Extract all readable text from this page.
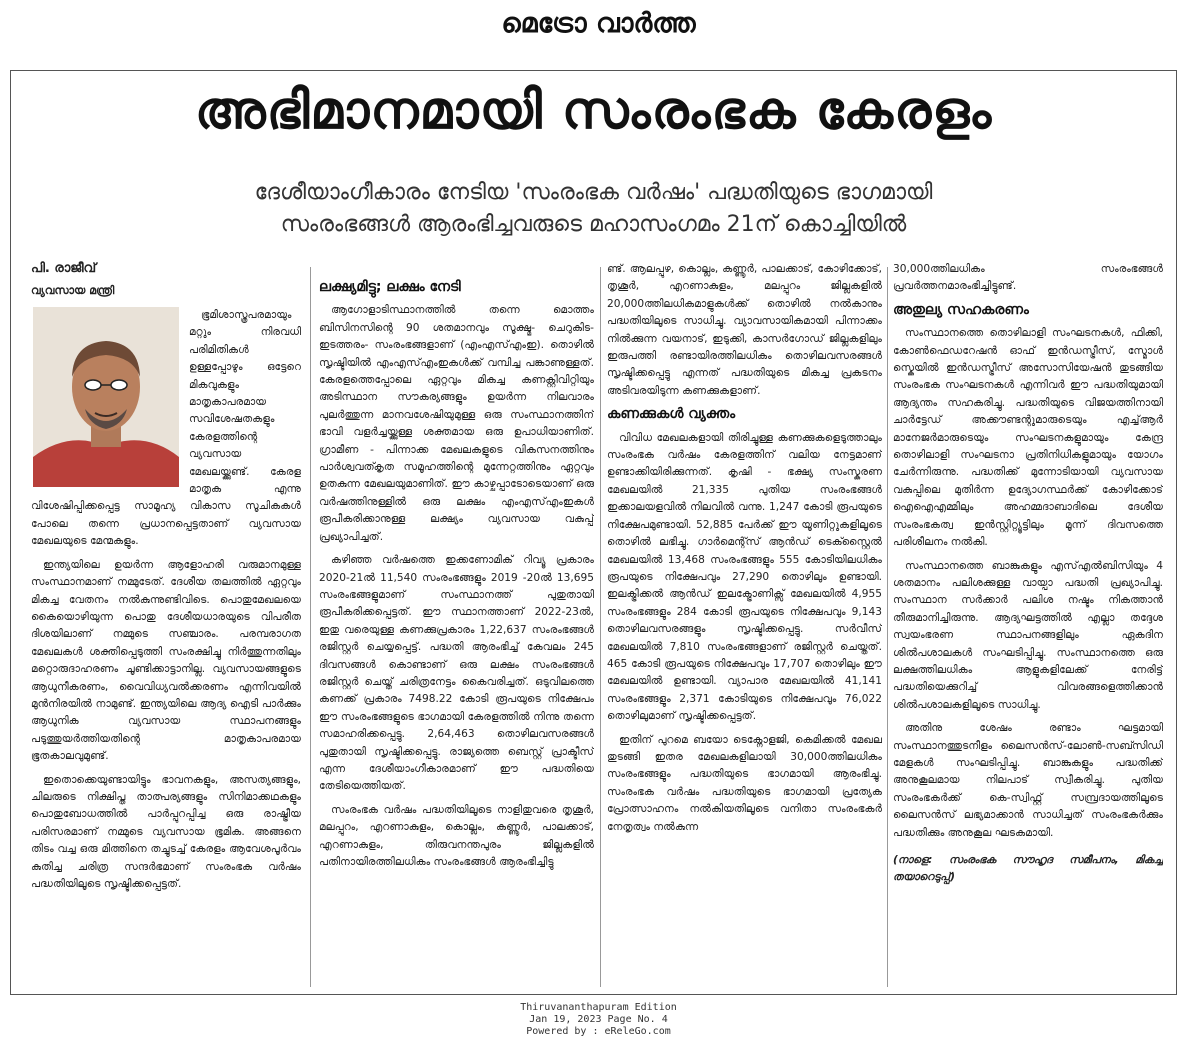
മെട്രോ വാർത്ത
അഭിമാനമായി സംരംഭക കേരളം
ദേശീയാംഗീകാരം നേടിയ 'സംരംഭക വർഷം' പദ്ധതിയുടെ ഭാഗമായി
സംരംഭങ്ങൾ ആരംഭിച്ചവരുടെ മഹാസംഗമം 21ന് കൊച്ചിയിൽ
പി. രാജീവ്
വ്യവസായ മന്ത്രി

ഭൂമിശാസ്ത്രപരമായും മറ്റും നിരവധി പരിമിതികൾ ഉള്ളപ്പോഴും ഒട്ടേറെ മികവുകളും മാതൃകാപരമായ സവിശേഷതകളും കേരളത്തിന്റെ വ്യവസായ മേഖലയ്ക്കുണ്ട്. കേരള മാതൃക എന്നു വിശേഷിപ്പിക്കപ്പെട്ട സാമൂഹ്യ വികാസ സൂചികകൾ പോലെ തന്നെ പ്രധാനപ്പെട്ടതാണ് വ്യവസായ മേഖലയുടെ മേന്മകളും.

ഇന്ത്യയിലെ ഉയർന്ന ആളോഹരി വരുമാനമുള്ള സംസ്ഥാനമാണ് നമ്മുടേത്. ദേശീയ തലത്തിൽ ഏറ്റവും മികച്ച വേതനം നൽകുന്നുണ്ടിവിടെ. പൊതുമേഖലയെ കൈയൊഴിയുന്ന പൊതു ദേശീയധാരയുടെ വിപരീത ദിശയിലാണ് നമ്മുടെ സഞ്ചാരം. പരമ്പരാഗത മേഖലകൾ ശക്തിപ്പെടുത്തി സംരക്ഷിച്ചു നിർത്തുന്നതിലും മറ്റൊരുദാഹരണം ചൂണ്ടിക്കാട്ടാനില്ല. വ്യവസായങ്ങളുടെ ആധുനീകരണം, വൈവിധ്യവൽക്കരണം എന്നിവയിൽ മുൻനിരയിൽ നാമുണ്ട്. ഇന്ത്യയിലെ ആദ്യ ഐടി പാർക്കും ആധുനിക വ്യവസായ സ്ഥാപനങ്ങളും പടുത്തുയർത്തിയതിന്റെ മാതൃകാപരമായ ഭൂതകാലവുമുണ്ട്.

ഇതൊക്കെയുണ്ടായിട്ടും ഭാവനകളും, അസത്യങ്ങളും, ചിലരുടെ നിക്ഷിപ്ത താത്പര്യങ്ങളും സിനിമാക്കഥകളും പൊതുബോധത്തിൽ പാർപ്പുറപ്പിച്ച ഒരു രാഷ്ട്രീയ പരിസരമാണ് നമ്മുടെ വ്യവസായ ഭൂമിക. അങ്ങനെ തിടം വച്ച ഒരു മിത്തിനെ തച്ചുടച്ച് കേരളം ആവേശപൂർവം കുതിച്ച ചരിത്ര സന്ദർഭമാണ് സംരംഭക വർഷം പദ്ധതിയിലൂടെ സൃഷ്ടിക്കപ്പെട്ടത്.

ലക്ഷ്യമിട്ടു; ലക്ഷം നേടി

ആഗോളാടിസ്ഥാനത്തിൽ തന്നെ മൊത്തം ബിസിനസിന്റെ 90 ശതമാനവും സൂക്ഷ്മ- ചെറുകിട- ഇടത്തരം- സംരംഭങ്ങളാണ് (എംഎസ്എംഇ). തൊഴിൽ സൃഷ്ടിയിൽ എംഎസ്എംഇകൾക്ക് വമ്പിച്ച പങ്കാണുള്ളത്. കേരളത്തെപ്പോലെ ഏറ്റവും മികച്ച കണക്റ്റിവിറ്റിയും അടിസ്ഥാന സൗകര്യങ്ങളും ഉയർന്ന നിലവാരം പുലർത്തുന്ന മാനവശേഷിയുമുള്ള ഒരു സംസ്ഥാനത്തിന് ഭാവി വളർച്ചയ്ക്കുള്ള ശക്തമായ ഒരു ഉപാധിയാണിത്. ഗ്രാമീണ - പിന്നാക്ക മേഖലകളുടെ വികസനത്തിനും പാർശ്വവത്കൃത സമൂഹത്തിന്റെ മുന്നേറ്റത്തിനും ഏറ്റവും ഉതകുന്ന മേഖലയുമാണിത്. ഈ കാഴ്ചപ്പാടോടെയാണ് ഒരു വർഷത്തിനുള്ളിൽ ഒരു ലക്ഷം എംഎസ്എംഇകൾ രൂപീകരിക്കാനുള്ള ലക്ഷ്യം വ്യവസായ വകുപ്പ് പ്രഖ്യാപിച്ചത്.

കഴിഞ്ഞ വർഷത്തെ ഇക്കണോമിക് റിവ്യൂ പ്രകാരം 2020-21ൽ 11,540 സംരംഭങ്ങളും 2019 -20ൽ 13,695 സംരംഭങ്ങളുമാണ് സംസ്ഥാനത്ത് പുതുതായി രൂപീകരിക്കപ്പെട്ടത്. ഈ സ്ഥാനത്താണ് 2022-23ൽ, ഇതു വരെയുള്ള കണക്കുപ്രകാരം 1,22,637 സംരംഭങ്ങൾ രജിസ്റ്റർ ചെയ്യപ്പെട്ട്. പദ്ധതി ആരംഭിച്ച് കേവലം 245 ദിവസങ്ങൾ കൊണ്ടാണ് ഒരു ലക്ഷം സംരംഭങ്ങൾ രജിസ്റ്റർ ചെയ്ത് ചരിത്രനേട്ടം കൈവരിച്ചത്. ഒടുവിലത്തെ കണക്ക് പ്രകാരം 7498.22 കോടി രൂപയുടെ നിക്ഷേപം ഈ സംരംഭങ്ങളുടെ ഭാഗമായി കേരളത്തിൽ നിന്നു തന്നെ സമാഹരിക്കപ്പെട്ടു. 2,64,463 തൊഴിലവസരങ്ങൾ പുതുതായി സൃഷ്ടിക്കപ്പെട്ടു. രാജ്യത്തെ ബെസ്റ്റ് പ്രാക്ടീസ് എന്ന ദേശീയാംഗീകാരമാണ് ഈ പദ്ധതിയെ തേടിയെത്തിയത്.

സംരംഭക വർഷം പദ്ധതിയിലൂടെ നാളിതുവരെ തൃശൂർ, മലപ്പുറം, എറണാകുളം, കൊല്ലം, കണ്ണൂർ, പാലക്കാട്, എറണാകുളം, തിരുവനന്തപുരം ജില്ലകളിൽ പതിനായിരത്തിലധികം സംരംഭങ്ങൾ ആരംഭിച്ചിട്ടു

ണ്ട്. ആലപ്പുഴ, കൊല്ലം, കണ്ണൂർ, പാലക്കാട്, കോഴിക്കോട്, തൃശൂർ, എറണാകുളം, മലപ്പുറം ജില്ലകളിൽ 20,000ത്തിലധികമാളുകൾക്ക് തൊഴിൽ നൽകാനും പദ്ധതിയിലൂടെ സാധിച്ചു. വ്യാവസായികമായി പിന്നാക്കം നിൽക്കുന്ന വയനാട്, ഇടുക്കി, കാസർഗോഡ് ജില്ലകളിലും ഇരുപത്തി രണ്ടായിരത്തിലധികം തൊഴിലവസരങ്ങൾ സൃഷ്ടിക്കപ്പെട്ടു എന്നത് പദ്ധതിയുടെ മികച്ച പ്രകടനം അടിവരയിടുന്ന കണക്കുകളാണ്.

കണക്കുകൾ വ്യക്തം

വിവിധ മേഖലകളായി തിരിച്ചുള്ള കണക്കുകളെടുത്താലും സംരംഭക വർഷം കേരളത്തിന് വലിയ നേട്ടമാണ് ഉണ്ടാക്കിയിരിക്കുന്നത്. കൃഷി - ഭക്ഷ്യ സംസ്കരണ മേഖലയിൽ 21,335 പുതിയ സംരംഭങ്ങൾ ഇക്കാലയളവിൽ നിലവിൽ വന്നു. 1,247 കോടി രൂപയുടെ നിക്ഷേപമുണ്ടായി. 52,885 പേർക്ക് ഈ യൂണിറ്റുകളിലൂടെ തൊഴിൽ ലഭിച്ചു. ഗാർമെന്റ്സ് ആൻഡ് ടെക്സ്റ്റൈൽ മേഖലയിൽ 13,468 സംരംഭങ്ങളും 555 കോടിയിലധികം രൂപയുടെ നിക്ഷേപവും 27,290 തൊഴിലും ഉണ്ടായി. ഇലക്ട്രിക്കൽ ആൻഡ് ഇലക്ട്രോണിക്സ് മേഖലയിൽ 4,955 സംരംഭങ്ങളും 284 കോടി രൂപയുടെ നിക്ഷേപവും 9,143 തൊഴിലവസരങ്ങളും സൃഷ്ടിക്കപ്പെട്ടു. സർവീസ് മേഖലയിൽ 7,810 സംരംഭങ്ങളാണ് രജിസ്റ്റർ ചെയ്തത്. 465 കോടി രൂപയുടെ നിക്ഷേപവും 17,707 തൊഴിലും ഈ മേഖലയിൽ ഉണ്ടായി. വ്യാപാര മേഖലയിൽ 41,141 സംരംഭങ്ങളും 2,371 കോടിയുടെ നിക്ഷേപവും 76,022 തൊഴിലുമാണ് സൃഷ്ടിക്കപ്പെട്ടത്.

ഇതിന് പുറമെ ബയോ ടെക്നോളജി, കെമിക്കൽ മേഖല തുടങ്ങി ഇതര മേഖലകളിലായി 30,000ത്തിലധികം സംരംഭങ്ങളും പദ്ധതിയുടെ ഭാഗമായി ആരംഭിച്ചു. സംരംഭക വർഷം പദ്ധതിയുടെ ഭാഗമായി പ്രത്യേക പ്രോത്സാഹനം നൽകിയതിലൂടെ വനിതാ സംരംഭകർ നേതൃത്വം നൽകുന്ന

30,000ത്തിലധികം സംരംഭങ്ങൾ പ്രവർത്തനമാരംഭിച്ചിട്ടുണ്ട്.

അതുല്യ സഹകരണം

സംസ്ഥാനത്തെ തൊഴിലാളി സംഘടനകൾ, ഫിക്കി, കോൺഫെഡറേഷൻ ഓഫ് ഇൻഡസ്ട്രീസ്, സ്മോൾ സ്കെയിൽ ഇൻഡസ്ട്രീസ് അസോസിയേഷൻ തുടങ്ങിയ സംരംഭക സംഘടനകൾ എന്നിവർ ഈ പദ്ധതിയുമായി ആദ്യന്തം സഹകരിച്ചു. പദ്ധതിയുടെ വിജയത്തിനായി ചാർട്ടേഡ് അക്കൗണ്ടന്റുമാരുടെയും എച്ച്ആർ മാനേജർമാരുടെയും സംഘടനകളുമായും കേന്ദ്ര തൊഴിലാളി സംഘടനാ പ്രതിനിധികളുമായും യോഗം ചേർന്നിരുന്നു. പദ്ധതിക്ക് മുന്നോടിയായി വ്യവസായ വകുപ്പിലെ മുതിർന്ന ഉദ്യോഗസ്ഥർക്ക് കോഴിക്കോട് ഐഐഎമ്മിലും അഹമ്മദാബാദിലെ ദേശീയ സംരംഭകത്വ ഇൻസ്റ്റിറ്റ്യൂട്ടിലും മൂന്ന് ദിവസത്തെ പരിശീലനം നൽകി.

സംസ്ഥാനത്തെ ബാങ്കുകളും എസ്എൽബിസിയും 4 ശതമാനം പലിശക്കുള്ള വായ്പാ പദ്ധതി പ്രഖ്യാപിച്ചു. സംസ്ഥാന സർക്കാർ പലിശ നഷ്ടം നികത്താൻ തീരുമാനിച്ചിരുന്നു. ആദ്യഘട്ടത്തിൽ എല്ലാ തദ്ദേശ സ്വയംഭരണ സ്ഥാപനങ്ങളിലും ഏകദിന ശിൽപശാലകൾ സംഘടിപ്പിച്ചു. സംസ്ഥാനത്തെ ഒരു ലക്ഷത്തിലധികം ആളുകളിലേക്ക് നേരിട്ട് പദ്ധതിയെക്കുറിച്ച് വിവരങ്ങളെത്തിക്കാൻ ശിൽപശാലകളിലൂടെ സാധിച്ചു.

അതിനു ശേഷം രണ്ടാം ഘട്ടമായി സംസ്ഥാനത്തുടനീളം ലൈസൻസ്-ലോൺ-സബ്സിഡി മേളകൾ സംഘടിപ്പിച്ചു. ബാങ്കുകളും പദ്ധതിക്ക് അനുകൂലമായ നിലപാട് സ്വീകരിച്ചു. പുതിയ സംരംഭകർക്ക് കെ-സ്വിഫ്റ്റ് സമ്പ്രദായത്തിലൂടെ ലൈസൻസ് ലഭ്യമാക്കാൻ സാധിച്ചത് സംരംഭകർക്കും പദ്ധതിക്കും അനുകൂല ഘടകമായി.

(നാളെ: സംരംഭക സൗഹൃദ സമീപനം, മികച്ച തയാറെടുപ്പ്)

Thiruvananthapuram Edition
Jan 19, 2023 Page No. 4
Powered by : eReleGo.com
